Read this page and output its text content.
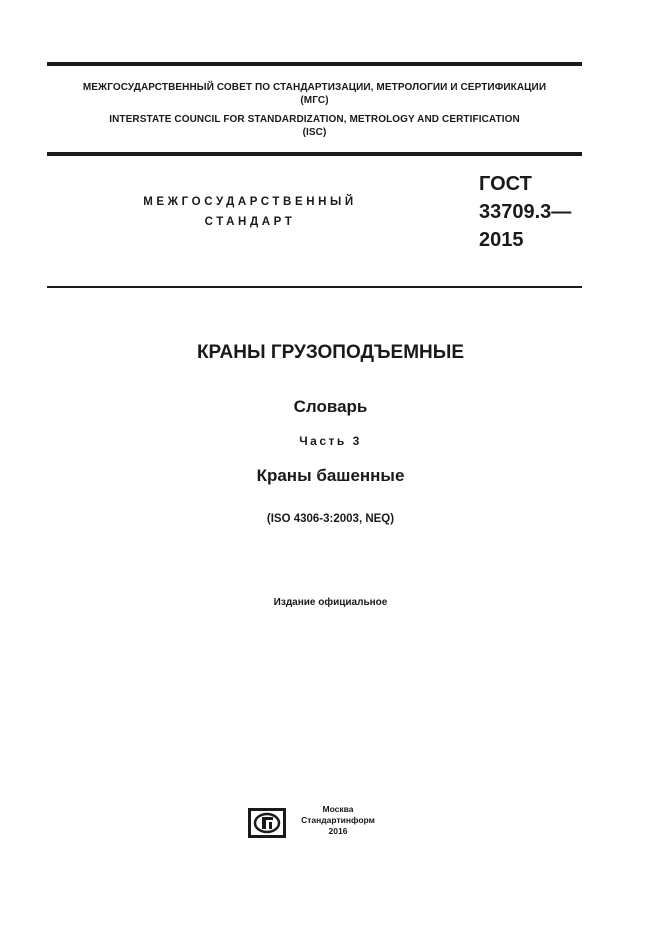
МЕЖГОСУДАРСТВЕННЫЙ СОВЕТ ПО СТАНДАРТИЗАЦИИ, МЕТРОЛОГИИ И СЕРТИФИКАЦИИ
(МГС)
INTERSTATE COUNCIL FOR STANDARDIZATION, METROLOGY AND CERTIFICATION
(ISC)
МЕЖГОСУДАРСТВЕННЫЙ
СТАНДАРТ
ГОСТ
33709.3—
2015
КРАНЫ ГРУЗОПОДЪЕМНЫЕ
Словарь
Часть 3
Краны башенные
(ISO 4306-3:2003, NEQ)
Издание официальное
Москва
Стандартинформ
2016
